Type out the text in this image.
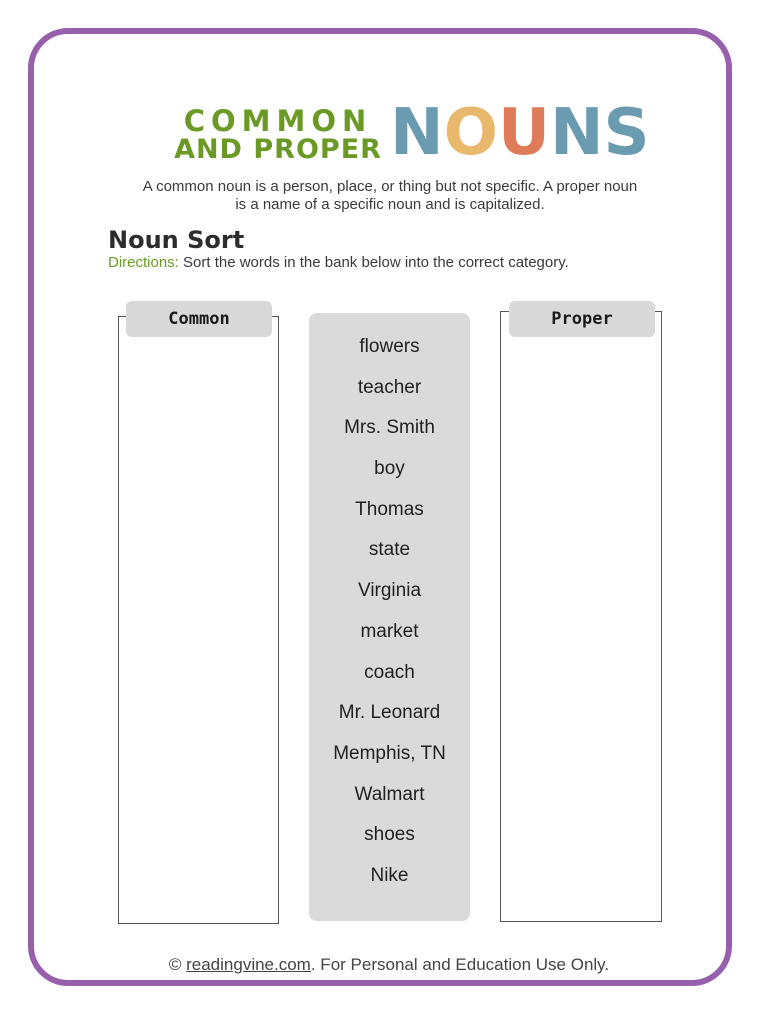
COMMON
AND PROPER NOUNS
A common noun is a person, place, or thing but not specific. A proper noun
is a name of a specific noun and is capitalized.
Noun Sort
Directions: Sort the words in the bank below into the correct category.
Common
flowers
teacher
Mrs. Smith
boy
Thomas
state
Virginia
market
coach
Mr. Leonard
Memphis, TN
Walmart
shoes
Nike
Proper
© readingvine.com. For Personal and Education Use Only.
